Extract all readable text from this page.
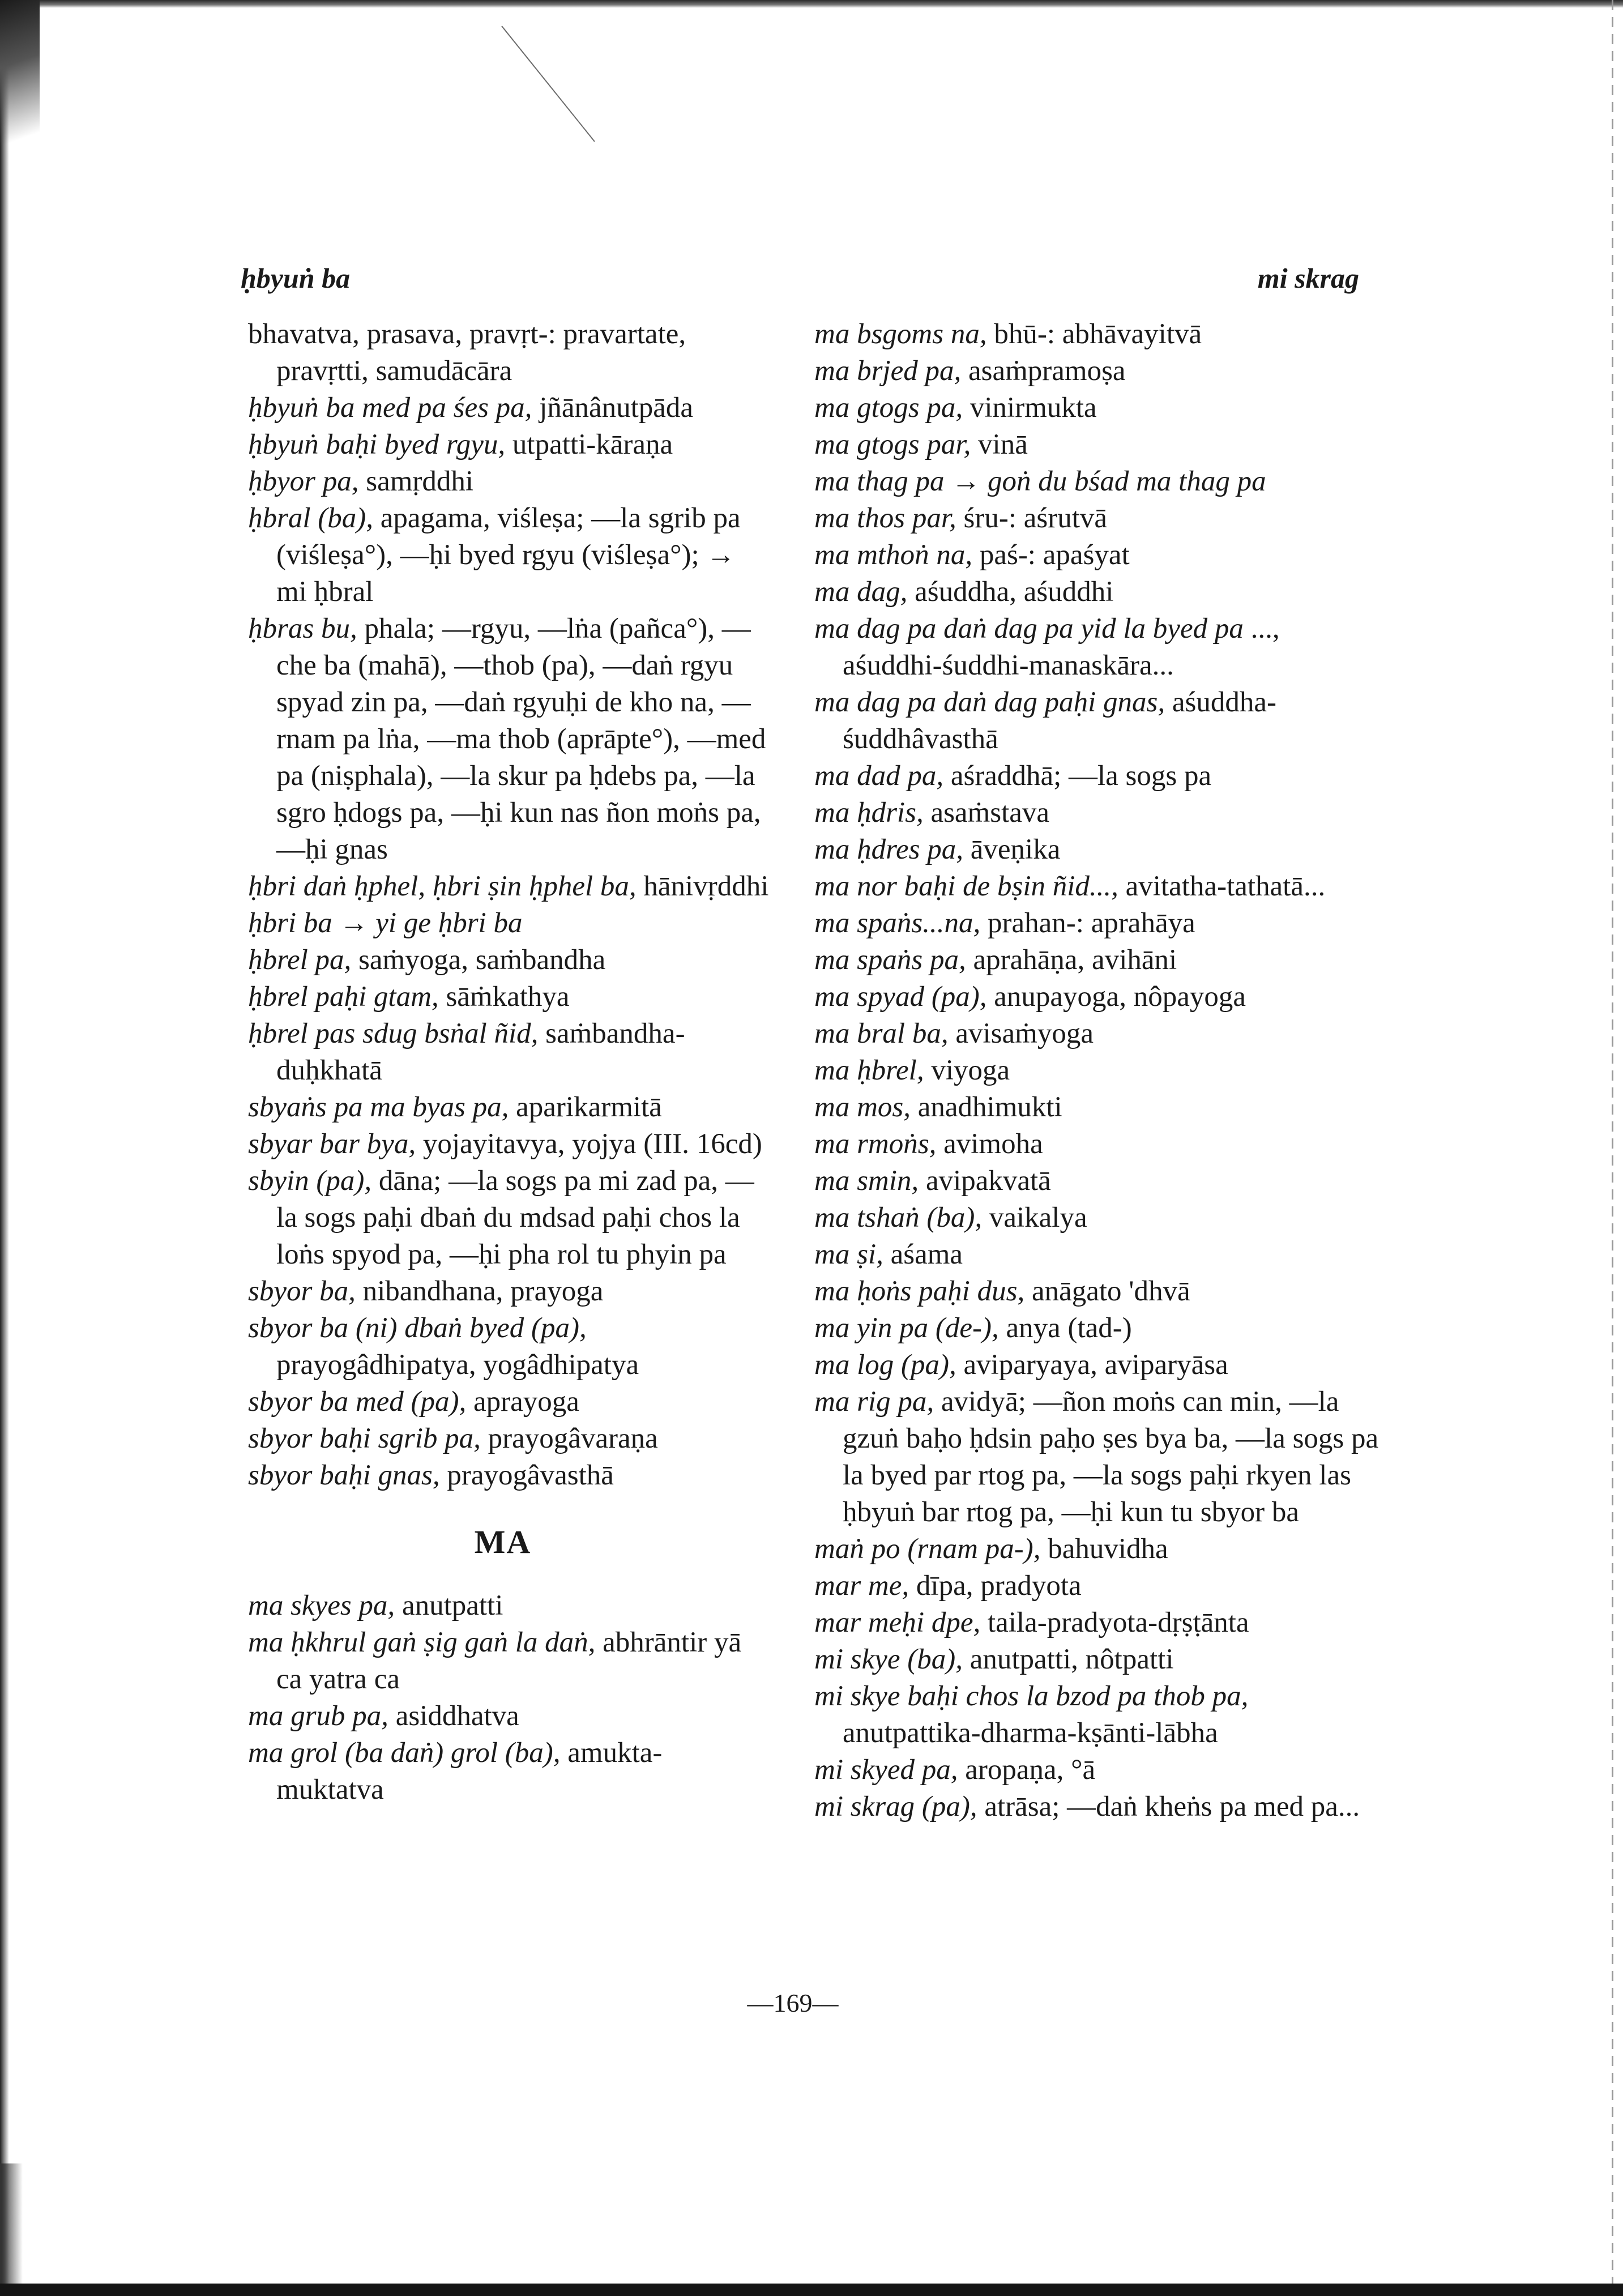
ḥbyuṅ ba	mi skrag
bhavatva, prasava, pravṛt-: pravartate, pravṛtti, samudācāra
ḥbyuṅ ba med pa śes pa, jñānânutpāda
ḥbyuṅ baḥi byed rgyu, utpatti-kāraṇa
ḥbyor pa, samṛddhi
ḥbral (ba), apagama, viśleṣa; —la sgrib pa (viśleṣa°), —ḥi byed rgyu (viśleṣa°); → mi ḥbral
ḥbras bu, phala; —rgyu, —lṅa (pañca°), —che ba (mahā), —thob (pa), —daṅ rgyu spyad zin pa, —daṅ rgyuḥi de kho na, —rnam pa lṅa, —ma thob (aprāpte°), —med pa (niṣphala), —la skur pa ḥdebs pa, —la sgro ḥdogs pa, —ḥi kun nas ñon moṅs pa, —ḥi gnas
ḥbri daṅ ḥphel, ḥbri ṣin ḥphel ba, hānivṛddhi
ḥbri ba → yi ge ḥbri ba
ḥbrel pa, saṁyoga, saṁbandha
ḥbrel paḥi gtam, sāṁkathya
ḥbrel pas sdug bsṅal ñid, saṁbandha-duḥkhatā
sbyaṅs pa ma byas pa, aparikarmitā
sbyar bar bya, yojayitavya, yojya (III. 16cd)
sbyin (pa), dāna; —la sogs pa mi zad pa, —la sogs paḥi dbaṅ du mdsad paḥi chos la loṅs spyod pa, —ḥi pha rol tu phyin pa
sbyor ba, nibandhana, prayoga
sbyor ba (ni) dbaṅ byed (pa), prayogâdhipatya, yogâdhipatya
sbyor ba med (pa), aprayoga
sbyor baḥi sgrib pa, prayogâvaraṇa
sbyor baḥi gnas, prayogâvasthā
MA
ma skyes pa, anutpatti
ma ḥkhrul gaṅ ṣig gaṅ la daṅ, abhrāntir yā ca yatra ca
ma grub pa, asiddhatva
ma grol (ba daṅ) grol (ba), amukta-muktatva
ma bsgoms na, bhū-: abhāvayitvā
ma brjed pa, asaṁpramoṣa
ma gtogs pa, vinirmukta
ma gtogs par, vinā
ma thag pa → goṅ du bśad ma thag pa
ma thos par, śru-: aśrutvā
ma mthoṅ na, paś-: apaśyat
ma dag, aśuddha, aśuddhi
ma dag pa daṅ dag pa yid la byed pa ..., aśuddhi-śuddhi-manaskāra...
ma dag pa daṅ dag paḥi gnas, aśuddha-śuddhâvasthā
ma dad pa, aśraddhā; —la sogs pa
ma ḥdris, asaṁstava
ma ḥdres pa, āveṇika
ma nor baḥi de bṣin ñid..., avitatha-tathatā...
ma spaṅs...na, prahan-: aprahāya
ma spaṅs pa, aprahāṇa, avihāni
ma spyad (pa), anupayoga, nôpayoga
ma bral ba, avisaṁyoga
ma ḥbrel, viyoga
ma mos, anadhimukti
ma rmoṅs, avimoha
ma smin, avipakvatā
ma tshaṅ (ba), vaikalya
ma ṣi, aśama
ma ḥoṅs paḥi dus, anāgato 'dhvā
ma yin pa (de-), anya (tad-)
ma log (pa), aviparyaya, aviparyāsa
ma rig pa, avidyā; —ñon moṅs can min, —la gzuṅ baḥo ḥdsin paḥo ṣes bya ba, —la sogs pa la byed par rtog pa, —la sogs paḥi rkyen las ḥbyuṅ bar rtog pa, —ḥi kun tu sbyor ba
maṅ po (rnam pa-), bahuvidha
mar me, dīpa, pradyota
mar meḥi dpe, taila-pradyota-dṛṣṭānta
mi skye (ba), anutpatti, nôtpatti
mi skye baḥi chos la bzod pa thob pa, anutpattika-dharma-kṣānti-lābha
mi skyed pa, aropaṇa, °ā
mi skrag (pa), atrāsa; —daṅ kheṅs pa med pa...
—169—
